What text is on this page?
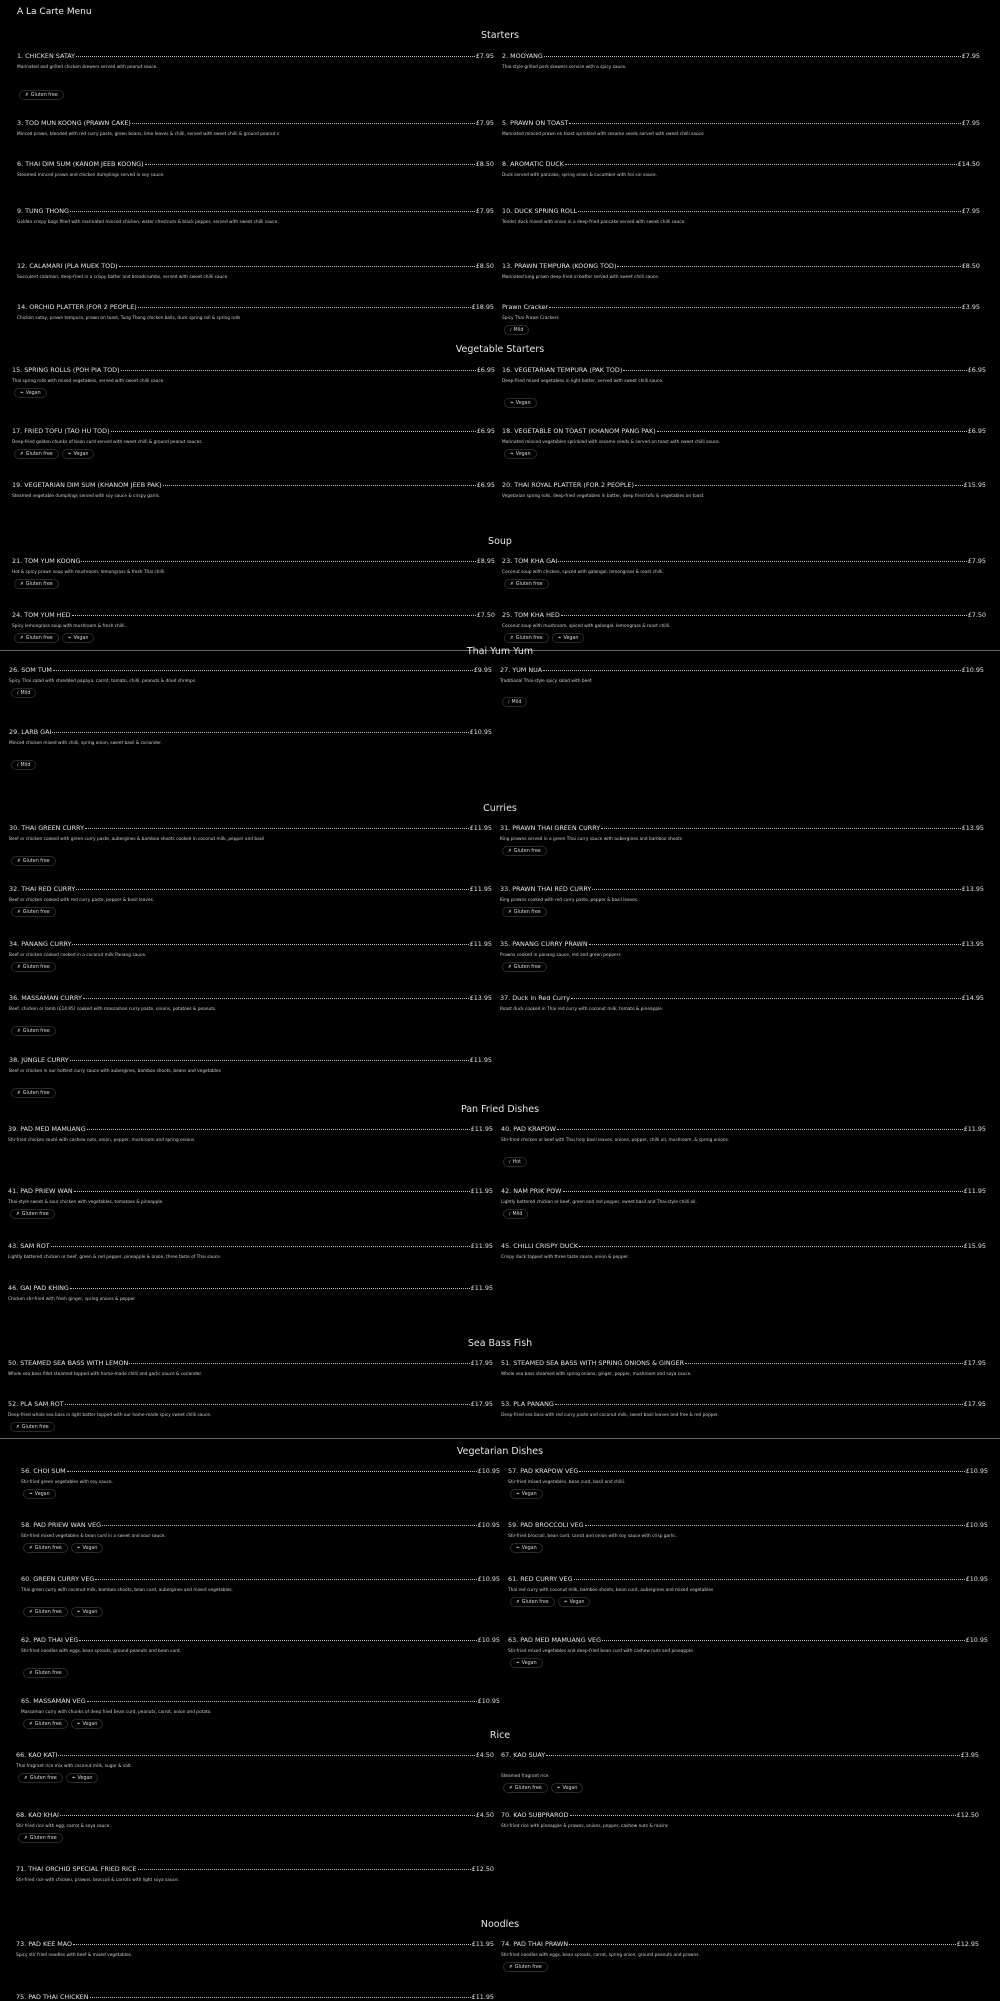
A La Carte Menu
Starters
1. CHICKEN SATAY	£7.95
Marinated and grilled chicken skewers served with peanut sauce.
✗ Gluten free
2. MOOYANG	£7.95
Thai-style grilled pork skewers service with a spicy sauce.
3. TOD MUN KOONG (PRAWN CAKE)	£7.95
Minced prawn, blended with red curry paste, green beans, lime leaves & chilli, served with sweet chilli & ground peanut s
5. PRAWN ON TOAST	£7.95
Marinated minced prawn on toast sprinkled with sesame seeds served with sweet chilli sauce
6. THAI DIM SUM (KANOM JEEB KOONG)	£8.50
Steamed minced prawn and chicken dumplings served in soy sauce.
8. AROMATIC DUCK	£14.50
Duck served with pancake, spring onion & cucumber with hoi sin sauce.
9. TUNG THONG	£7.95
Golden crispy bags filled with marinated minced chicken, water chestnuts & black pepper, served with sweet chilli sauce.
10. DUCK SPRING ROLL	£7.95
Tender duck mixed with onion in a deep-fried pancake served with sweet chilli sauce.
12. CALAMARI (PLA MUEK TOD)	£8.50
Succulent calamari, deep-fried in a crispy batter and breadcrumbs, served with sweet chilli sauce.
13. PRAWN TEMPURA (KOONG TOD)	£8.50
Marinated king prawn deep-fried in batter served with sweet chilli sauce.
14. ORCHID PLATTER (FOR 2 PEOPLE)	£18.95
Chicken satay, prawn tempura, prawn on toast, Tung Thong chicken balls, duck spring roll & spring rolls
Prawn Cracker	£3.95
Spicy Thai Prawn Crackers
∕ Mild
Vegetable Starters
15. SPRING ROLLS (POH PIA TOD)	£6.95
Thai spring rolls with mixed vegetables, served with sweet chilli sauce.
❧ Vegan
16. VEGETARIAN TEMPURA (PAK TOD)	£6.95
Deep-fried mixed vegetables in light batter, served with sweet chilli sauce.
❧ Vegan
17. FRIED TOFU (TAO HU TOD)	£6.95
Deep-fried golden chunks of bean curd served with sweet chilli & ground peanut sauces.
✗ Gluten free	❧ Vegan
18. VEGETABLE ON TOAST (KHANOM PANG PAK)	£6.95
Marinated minced vegetables sprinkled with sesame seeds & served on toast with sweet chilli sauce.
❧ Vegan
19. VEGETARIAN DIM SUM (KHANOM JEEB PAK)	£6.95
Steamed vegetable dumplings served with soy sauce & crispy garlic.
20. THAI ROYAL PLATTER (FOR 2 PEOPLE)	£15.95
Vegetarian spring rolls, deep-fried vegetables in batter, deep fried tofu & vegetables on toast.
Soup
21. TOM YUM KOONG	£8.95
Hot & spicy prawn soup with mushroom, lemongrass & fresh Thai chilli.
✗ Gluten free
23. TOM KHA GAI	£7.95
Coconut soup with chicken, spiced with galangal, lemongrass & roast chilli.
✗ Gluten free
24. TOM YUM HED	£7.50
Spicy lemongrass soup with mushroom & fresh chilli.
✗ Gluten free	❧ Vegan
25. TOM KHA HED	£7.50
Coconut soup with mushroom, spiced with galangal, lemongrass & roast chilli.
✗ Gluten free	❧ Vegan
Thai Yum Yum
26. SOM TUM	£9.95
Spicy Thai salad with shredded papaya, carrot, tomato, chilli, peanuts & dried shrimps.
∕ Mild
27. YUM NUA	£10.95
Traditional Thai-style spicy salad with beef.
∕ Mild
29. LARB GAI	£10.95
Minced chicken mixed with chilli, spring onion, sweet basil & coriander.
∕ Mild
Curries
30. THAI GREEN CURRY	£11.95
Beef or chicken cooked with green curry paste, aubergines & bamboo shoots cooked in coconut milk, pepper and basil
✗ Gluten free
31. PRAWN THAI GREEN CURRY	£13.95
King prawns served in a green Thai curry sauce with aubergines and bamboo shoots
✗ Gluten free
32. THAI RED CURRY	£11.95
Beef or chicken cooked with red curry paste, pepper & basil leaves.
✗ Gluten free
33. PRAWN THAI RED CURRY	£13.95
King prawns cooked with red curry paste, pepper & basil leaves.
✗ Gluten free
34. PANANG CURRY	£11.95
Beef or chicken cooked cooked in a coconut milk Panang sauce.
✗ Gluten free
35. PANANG CURRY PRAWN	£13.95
Prawns cooked in panang sauce, red and green peppers
✗ Gluten free
36. MASSAMAN CURRY	£13.95
Beef, chicken or lamb (£14.95) cooked with massaman curry paste, onions, potatoes & peanuts.
✗ Gluten free
37. Duck in Red Curry	£14.95
Roast duck cooked in Thai red curry with coconut milk, tomato & pineapple.
38. JUNGLE CURRY	£11.95
Beef or chicken in our hottest curry sauce with aubergines, bamboo shoots, beans and vegetables
✗ Gluten free
Pan Fried Dishes
39. PAD MED MAMUANG	£11.95
Stir-fried chicken sauté with cashew nuts, onion, pepper, mushroom and spring onions.
40. PAD KRAPOW	£11.95
Stir-fried chicken or beef with Thai holy basil leaves, onions, pepper, chilli oil, mushroom, & spring onions.
∕ Hot
41. PAD PRIEW WAN	£11.95
Thai-style sweet & sour chicken with vegetables, tomatoes & pineapple.
✗ Gluten free
42. NAM PRIK POW	£11.95
Lightly battered chicken or beef, green and red pepper, sweet basil and Thai-style chilli oil.
∕ Mild
43. SAM ROT	£11.95
Lightly battered chicken or beef, green & red pepper, pineapple & onion, three taste of Thai sauce.
45. CHILLI CRISPY DUCK	£15.95
Crispy duck topped with three taste sauce, onion & pepper.
46. GAI PAD KHING	£11.95
Chicken stir-fried with fresh ginger, spring onions & pepper
Sea Bass Fish
50. STEAMED SEA BASS WITH LEMON	£17.95
Whole sea bass fillet steamed topped with home-made chilli and garlic sauce & coriander.
51. STEAMED SEA BASS WITH SPRING ONIONS & GINGER	£17.95
Whole sea bass steamed with spring onions, ginger, pepper, mushroom and soya sauce.
52. PLA SAM ROT	£17.95
Deep-fried whole sea bass in light batter topped with our home-made spicy sweet chilli sauce.
✗ Gluten free
53. PLA PANANG	£17.95
Deep-fried sea bass with red curry paste and coconut milk, sweet basil leaves and free & red pepper.
Vegetarian Dishes
56. CHOI SUM	£10.95
Stir-fried green vegetables with soy sauce.
❧ Vegan
57. PAD KRAPOW VEG	£10.95
Stir-fried mixed vegetables, bean curd, basil and chilli.
❧ Vegan
58. PAD PRIEW WAN VEG	£10.95
Stir-fried mixed vegetables & bean curd in a sweet and sour sauce.
✗ Gluten free	❧ Vegan
59. PAD BROCCOLI VEG	£10.95
Stir-fried broccoli, bean curd, carrot and onion with soy sauce with crisp garlic.
❧ Vegan
60. GREEN CURRY VEG	£10.95
Thai green curry with coconut milk, bamboo shoots, bean curd, aubergines and mixed vegetables.
✗ Gluten free	❧ Vegan
61. RED CURRY VEG	£10.95
Thai red curry with coconut milk, bamboo shoots, bean curd, aubergines and mixed vegetables
✗ Gluten free	❧ Vegan
62. PAD THAI VEG	£10.95
Stir-fried noodles with eggs, bean sprouts, ground peanuts and bean curd.
✗ Gluten free
63. PAD MED MAMUANG VEG	£10.95
Stir-fried mixed vegetables and deep-fried bean curd with cashew nuts and pineapple.
❧ Vegan
65. MASSAMAN VEG	£10.95
Massaman curry with chunks of deep fried bean curd, peanuts, carrot, onion and potato.
✗ Gluten free	❧ Vegan
Rice
66. KAO KATI	£4.50
Thai fragrant rice mix with coconut milk, sugar & salt.
✗ Gluten free	❧ Vegan
67. KAO SUAY	£3.95
Steamed fragrant rice.
✗ Gluten free	❧ Vegan
68. KAO KHAI	£4.50
Stir fried rice with egg, carrot & soya sauce.
✗ Gluten free
70. KAO SUBPRAROD	£12.50
Stir-fried rice with pineapple & prawns, onions, pepper, cashew nuts & raisins
71. THAI ORCHID SPECIAL FRIED RICE	£12.50
Stir-fried rice with chicken, prawns, broccoli & carrots with light soya sauce.
Noodles
73. PAD KEE MAO	£11.95
Spicy stir fried noodles with beef & mixed vegetables.
74. PAD THAI PRAWN	£12.95
Stir-fried noodles with eggs, bean sprouts, carrot, spring onion, ground peanuts and prawns.
✗ Gluten free
75. PAD THAI CHICKEN	£11.95
